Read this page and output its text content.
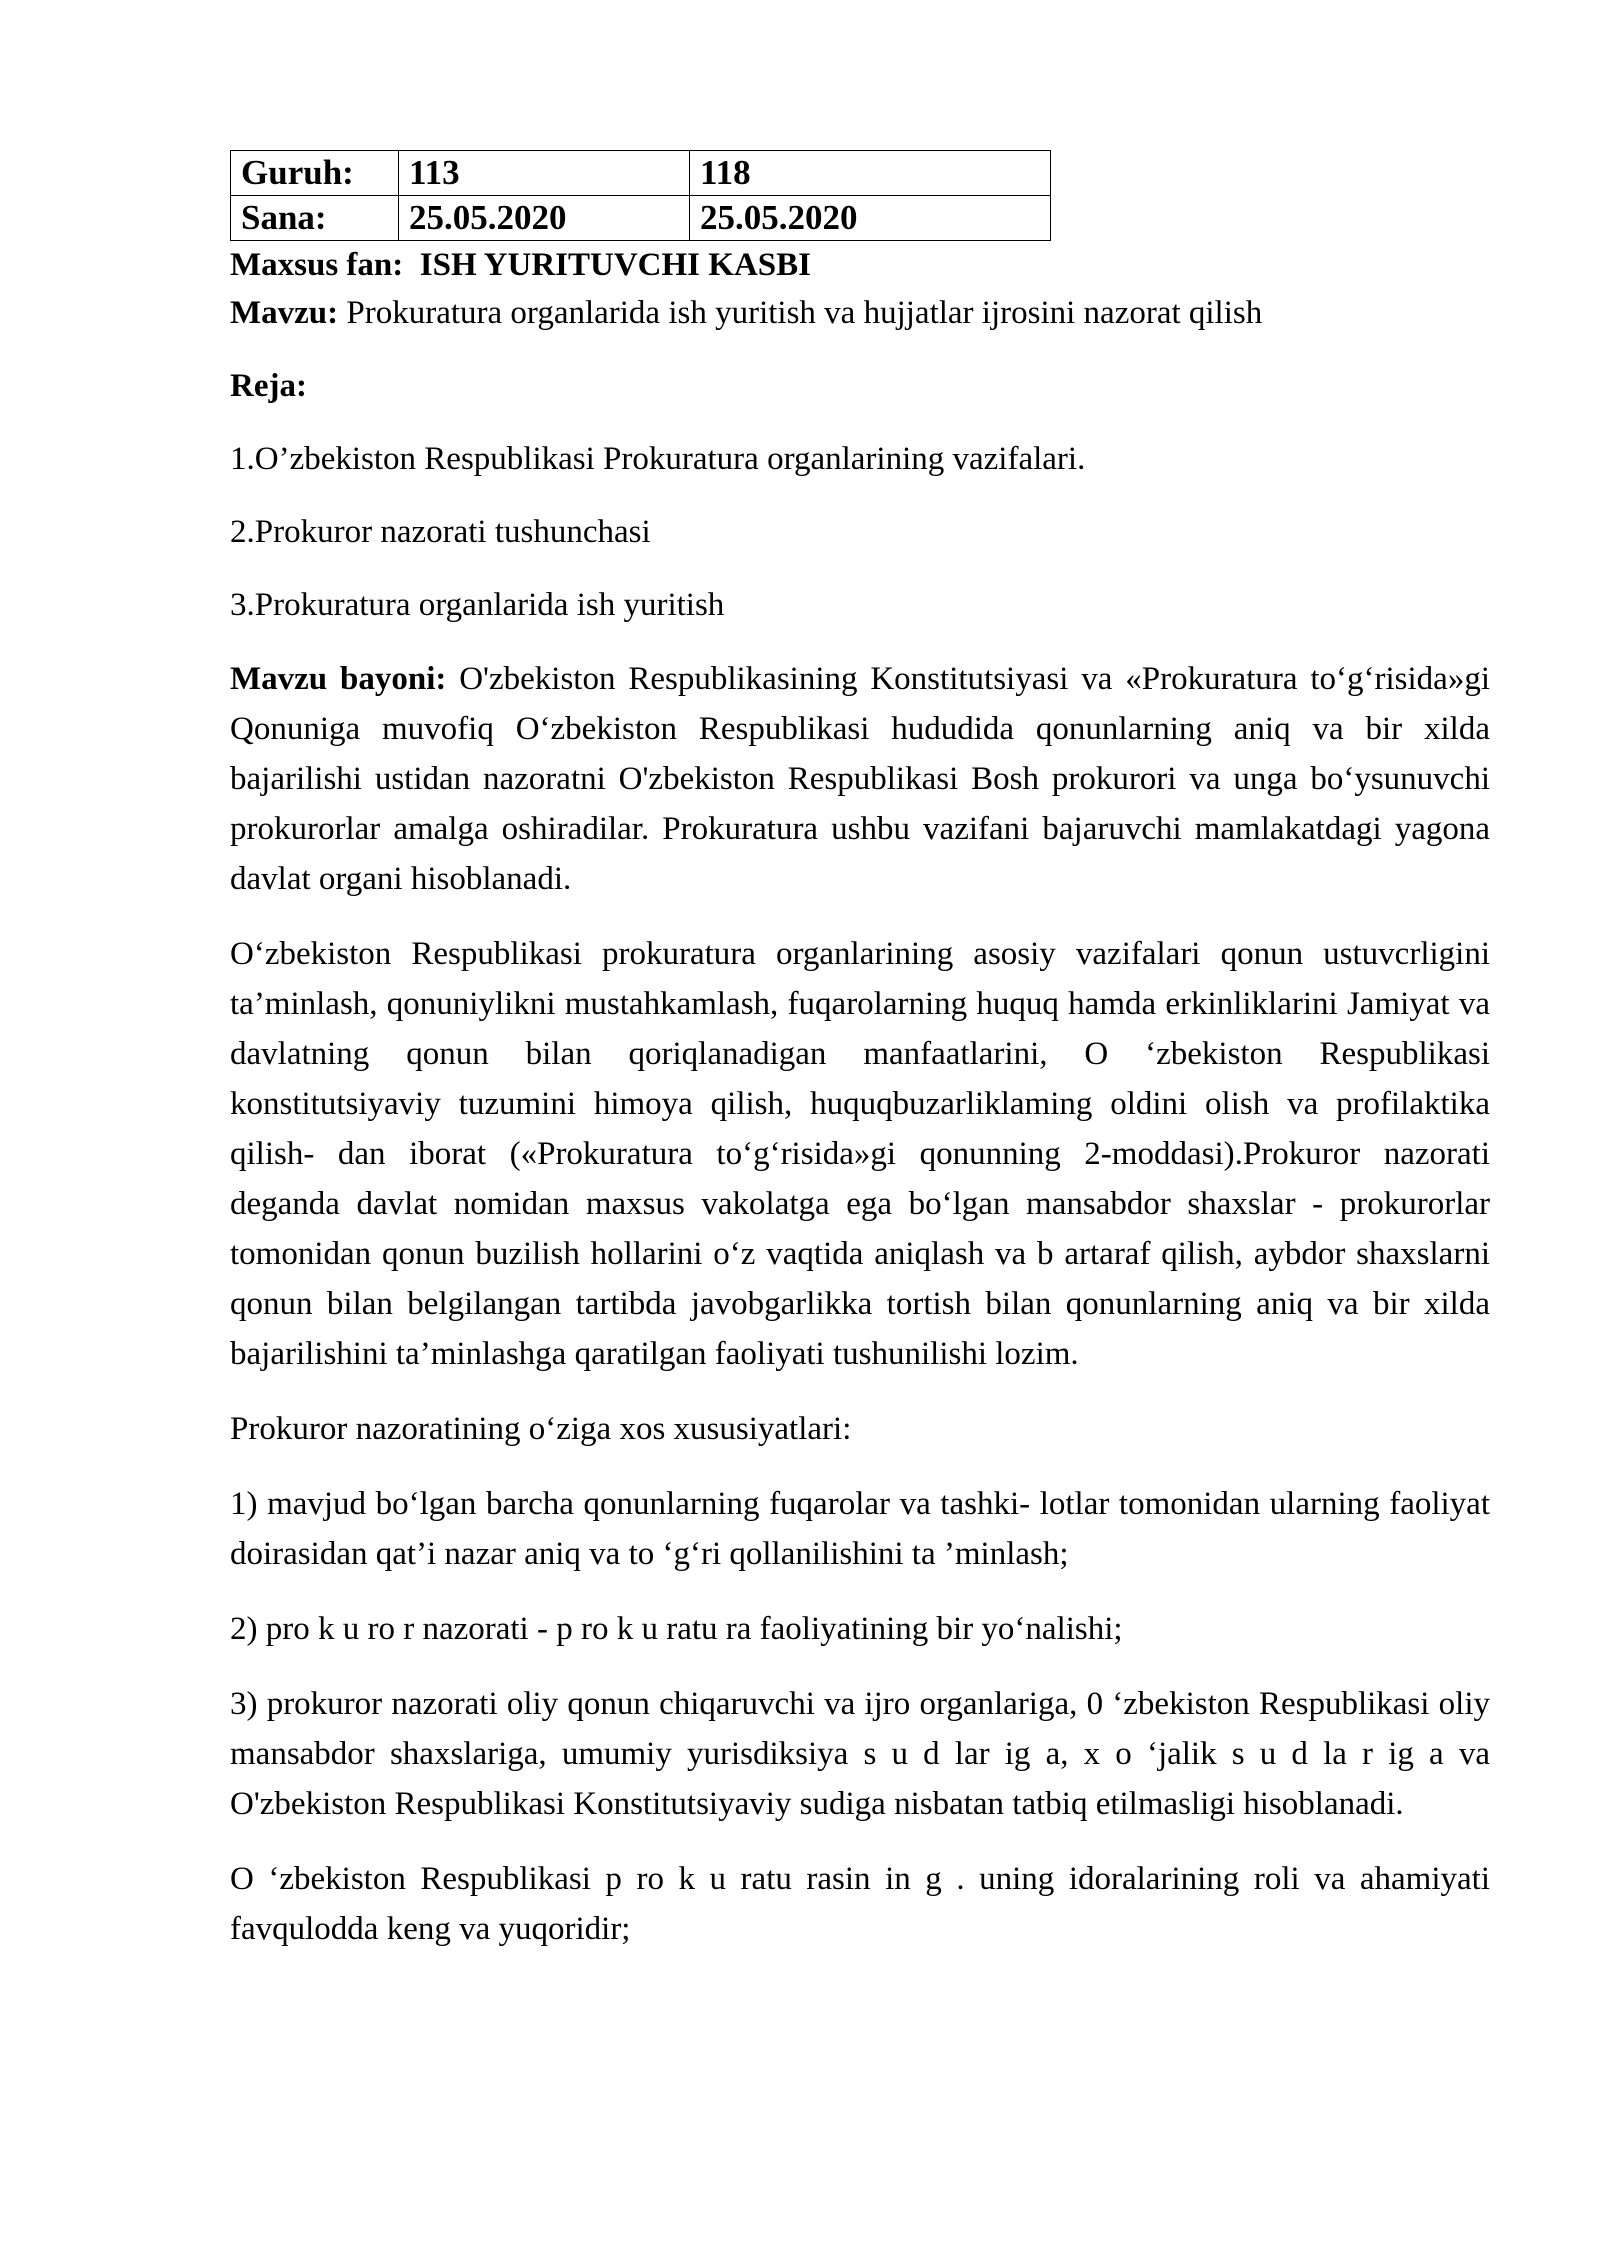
Guruh:	113	118
Sana:	25.05.2020	25.05.2020
Maxsus fan: ISH YURITUVCHI KASBI
Mavzu: Prokuratura organlarida ish yuritish va hujjatlar ijrosini nazorat qilish
Reja:
1.O’zbekiston Respublikasi Prokuratura organlarining vazifalari.
2.Prokuror nazorati tushunchasi
3.Prokuratura organlarida ish yuritish

Mavzu bayoni: O'zbekiston Respublikasining Konstitutsiyasi va «Prokuratura to‘g‘risida»gi Qonuniga muvofiq O‘zbekiston Respublikasi hududida qonunlarning aniq va bir xilda bajarilishi ustidan nazoratni O'zbekiston Respublikasi Bosh prokurori va unga bo‘ysunuvchi prokurorlar amalga oshiradilar. Prokuratura ushbu vazifani bajaruvchi mamlakatdagi yagona davlat organi hisoblanadi.

O‘zbekiston Respublikasi prokuratura organlarining asosiy vazifalari qonun ustuvcrligini ta’minlash, qonuniylikni mustahkamlash, fuqarolarning huquq hamda erkinliklarini Jamiyat va davlatning qonun bilan qoriqlanadigan manfaatlarini, O ‘zbekiston Respublikasi konstitutsiyaviy tuzumini himoya qilish, huquqbuzarliklaming oldini olish va profilaktika qilish- dan iborat («Prokuratura to‘g‘risida»gi qonunning 2-moddasi).Prokuror nazorati deganda davlat nomidan maxsus vakolatga ega bo‘lgan mansabdor shaxslar - prokurorlar tomonidan qonun buzilish hollarini o‘z vaqtida aniqlash va b artaraf qilish, aybdor shaxslarni qonun bilan belgilangan tartibda javobgarlikka tortish bilan qonunlarning aniq va bir xilda bajarilishini ta’minlashga qaratilgan faoliyati tushunilishi lozim.

Prokuror nazoratining o‘ziga xos xususiyatlari:

1) mavjud bo‘lgan barcha qonunlarning fuqarolar va tashki- lotlar tomonidan ularning faoliyat doirasidan qat’i nazar aniq va to ‘g‘ri qollanilishini ta ’minlash;

2) pro k u ro r nazorati - p ro k u ratu ra faoliyatining bir yo‘nalishi;

3) prokuror nazorati oliy qonun chiqaruvchi va ijro organlariga, 0 ‘zbekiston Respublikasi oliy mansabdor shaxslariga, umumiy yurisdiksiya s u d lar ig a, x o ‘jalik s u d la r ig a va O'zbekiston Respublikasi Konstitutsiyaviy sudiga nisbatan tatbiq etilmasligi hisoblanadi.

O ‘zbekiston Respublikasi p ro k u ratu rasin in g . uning idoralarining roli va ahamiyati favqulodda keng va yuqoridir;
